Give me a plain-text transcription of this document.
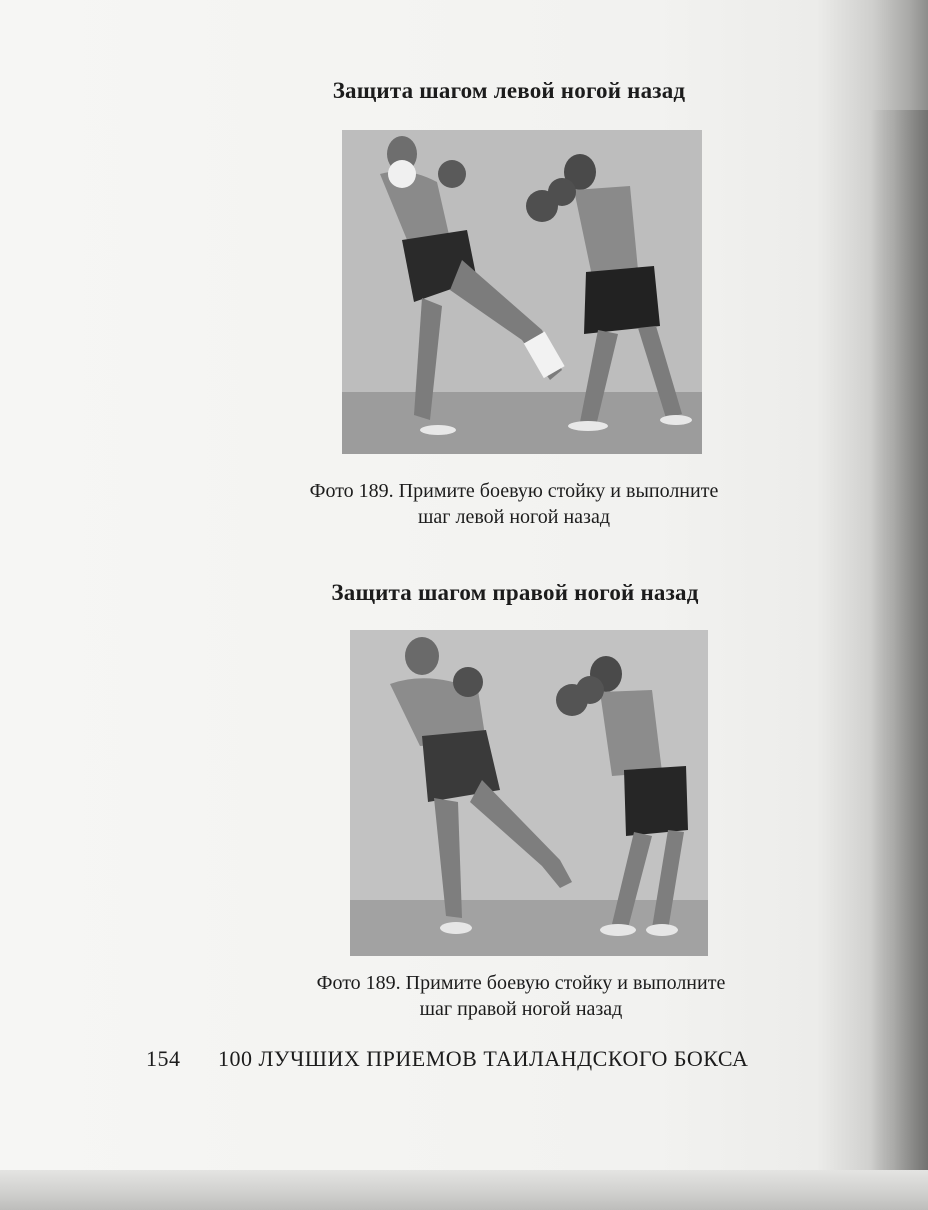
Защита шагом левой ногой назад
Фото 189. Примите боевую стойку и выполните
шаг левой ногой назад
Защита шагом правой ногой назад
Фото 189. Примите боевую стойку и выполните
шаг правой ногой назад
154 100 ЛУЧШИХ ПРИЕМОВ ТАИЛАНДСКОГО БОКСА
